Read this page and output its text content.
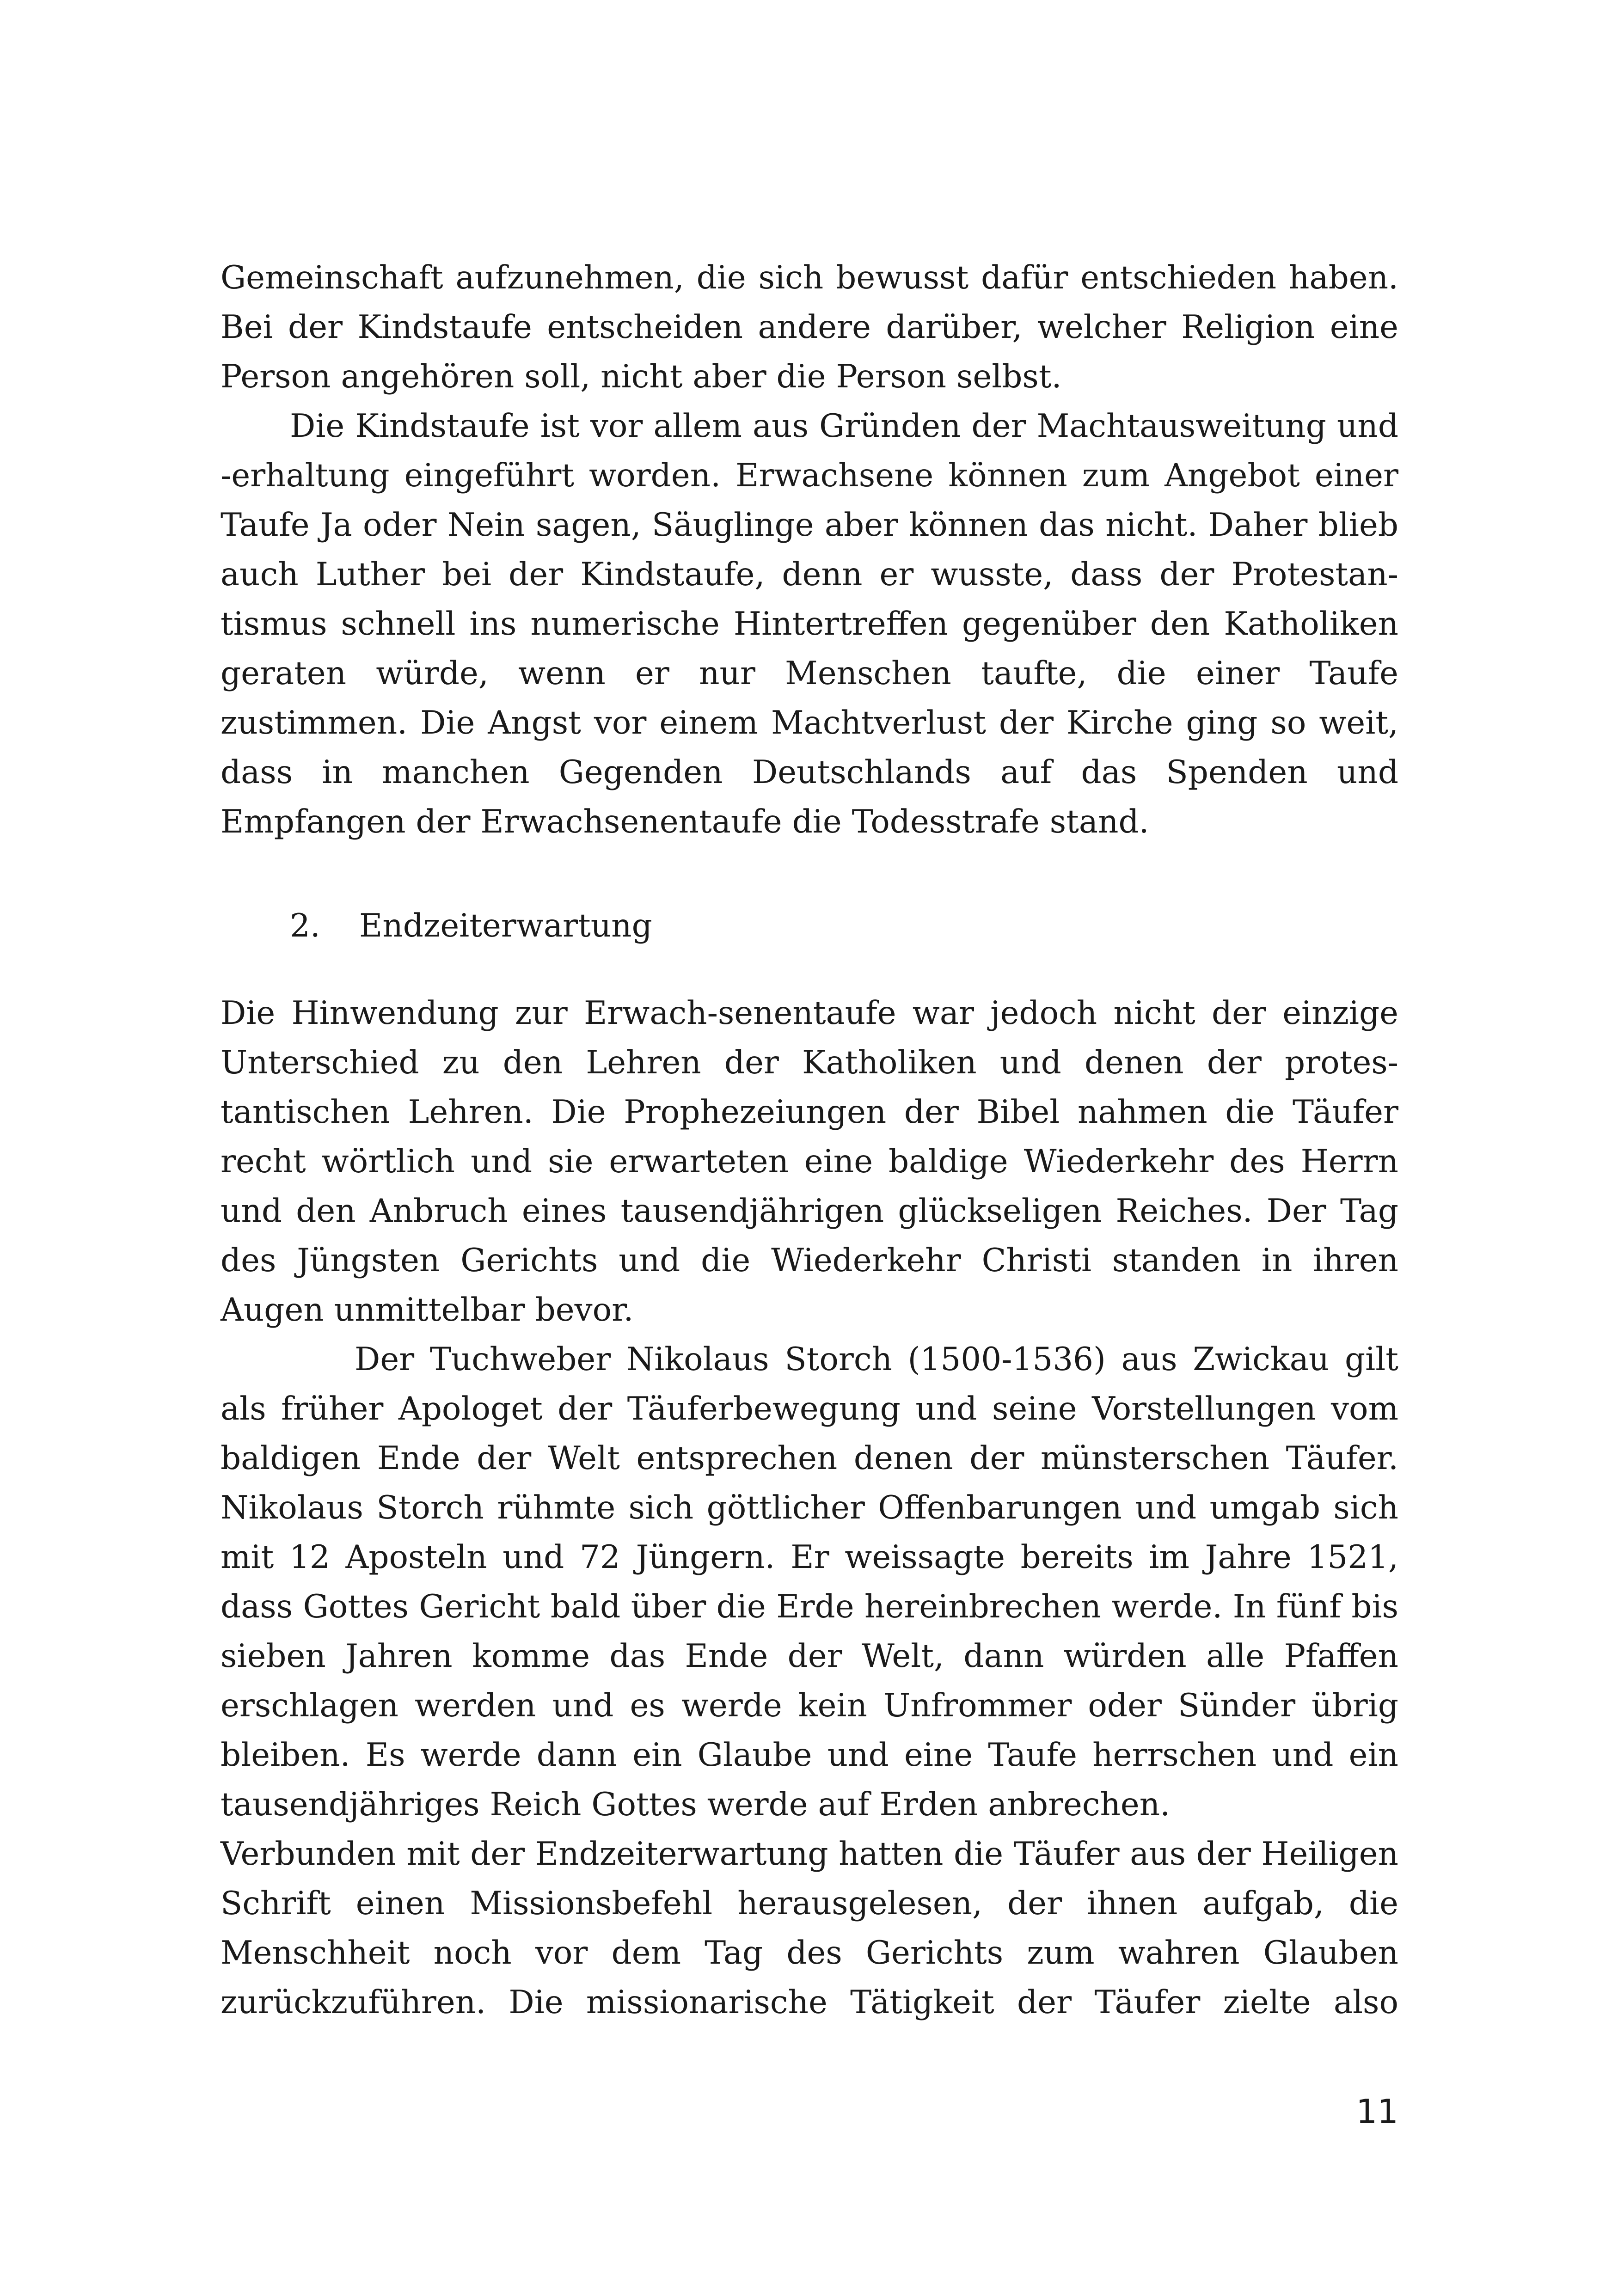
Gemeinschaft aufzunehmen, die sich bewusst dafür entschieden haben.
Bei der Kindstaufe entscheiden andere darüber, welcher Religion eine
Person angehören soll, nicht aber die Person selbst.
Die Kindstaufe ist vor allem aus Gründen der Machtausweitung und
-erhaltung eingeführt worden. Erwachsene können zum Angebot einer
Taufe Ja oder Nein sagen, Säuglinge aber können das nicht. Daher blieb
auch Luther bei der Kindstaufe, denn er wusste, dass der Protestan-
tismus schnell ins numerische Hintertreffen gegenüber den Katholiken
geraten würde, wenn er nur Menschen taufte, die einer Taufe
zustimmen. Die Angst vor einem Machtverlust der Kirche ging so weit,
dass in manchen Gegenden Deutschlands auf das Spenden und
Empfangen der Erwachsenentaufe die Todesstrafe stand.
2. Endzeiterwartung
Die Hinwendung zur Erwach-senentaufe war jedoch nicht der einzige
Unterschied zu den Lehren der Katholiken und denen der protes-
tantischen Lehren. Die Prophezeiungen der Bibel nahmen die Täufer
recht wörtlich und sie erwarteten eine baldige Wiederkehr des Herrn
und den Anbruch eines tausendjährigen glückseligen Reiches. Der Tag
des Jüngsten Gerichts und die Wiederkehr Christi standen in ihren
Augen unmittelbar bevor.
Der Tuchweber Nikolaus Storch (1500-1536) aus Zwickau gilt
als früher Apologet der Täuferbewegung und seine Vorstellungen vom
baldigen Ende der Welt entsprechen denen der münsterschen Täufer.
Nikolaus Storch rühmte sich göttlicher Offenbarungen und umgab sich
mit 12 Aposteln und 72 Jüngern. Er weissagte bereits im Jahre 1521,
dass Gottes Gericht bald über die Erde hereinbrechen werde. In fünf bis
sieben Jahren komme das Ende der Welt, dann würden alle Pfaffen
erschlagen werden und es werde kein Unfrommer oder Sünder übrig
bleiben. Es werde dann ein Glaube und eine Taufe herrschen und ein
tausendjähriges Reich Gottes werde auf Erden anbrechen.
Verbunden mit der Endzeiterwartung hatten die Täufer aus der Heiligen
Schrift einen Missionsbefehl herausgelesen, der ihnen aufgab, die
Menschheit noch vor dem Tag des Gerichts zum wahren Glauben
zurückzuführen. Die missionarische Tätigkeit der Täufer zielte also
11
